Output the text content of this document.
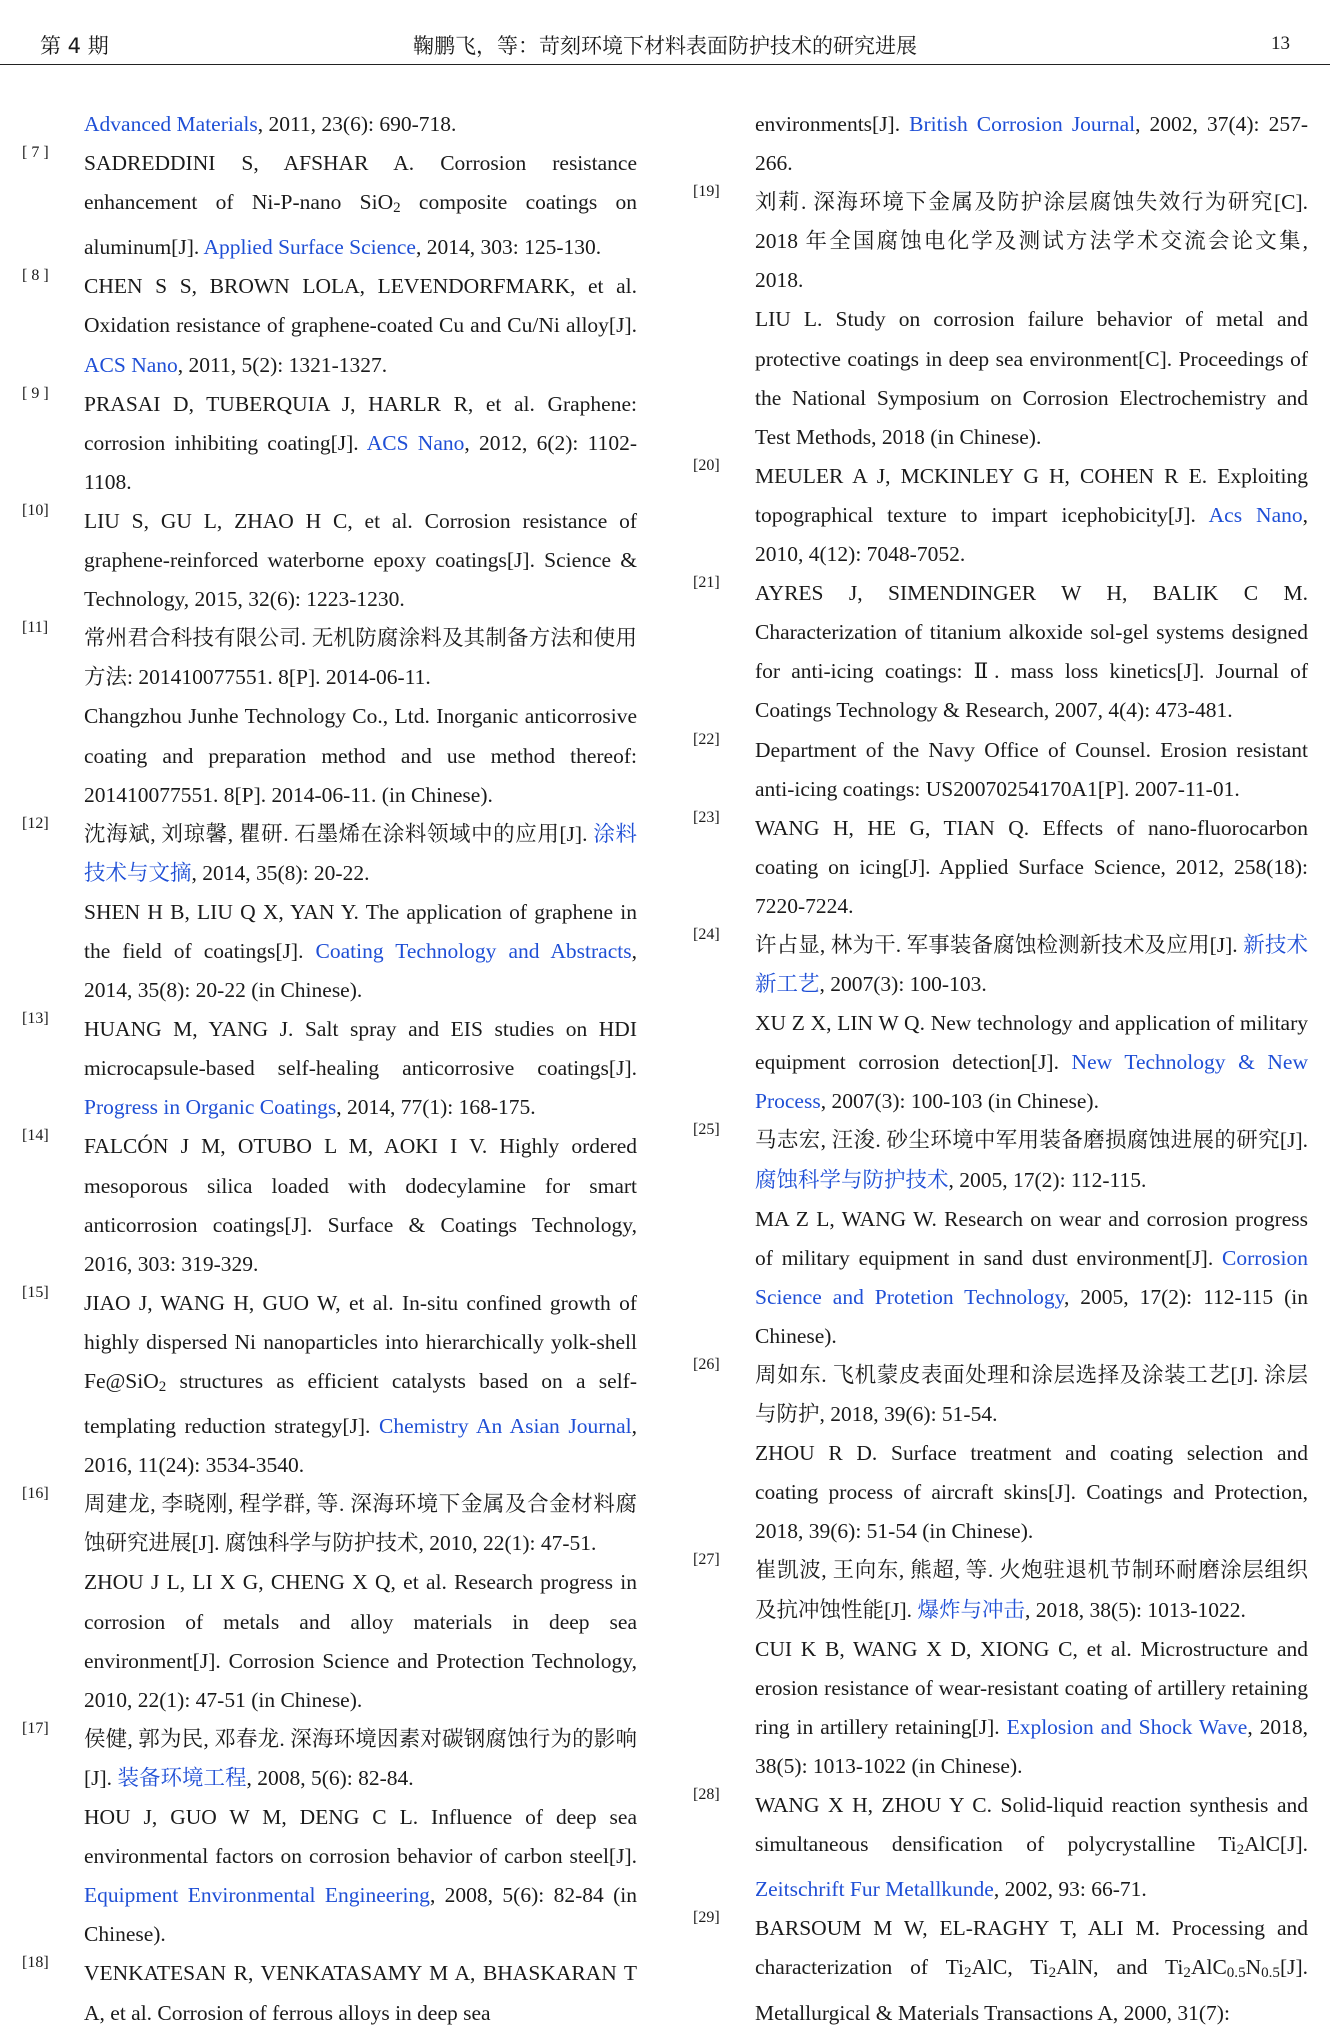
第 4 期	鞠鹏飞，等：苛刻环境下材料表面防护技术的研究进展	13

Advanced Materials, 2011, 23(6): 690-718.

[ 7 ]	SADREDDINI S, AFSHAR A. Corrosion resistance enhancement of Ni-P-nano SiO2 composite coatings on aluminum[J]. Applied Surface Science, 2014, 303: 125-130.

[ 8 ]	CHEN S S, BROWN LOLA, LEVENDORFMARK, et al. Oxidation resistance of graphene-coated Cu and Cu/Ni alloy[J]. ACS Nano, 2011, 5(2): 1321-1327.

[ 9 ]	PRASAI D, TUBERQUIA J, HARLR R, et al. Graphene: corrosion inhibiting coating[J]. ACS Nano, 2012, 6(2): 1102-1108.

[10]	LIU S, GU L, ZHAO H C, et al. Corrosion resistance of graphene-reinforced waterborne epoxy coatings[J]. Science & Technology, 2015, 32(6): 1223-1230.

[11]	常州君合科技有限公司. 无机防腐涂料及其制备方法和使用方法: 201410077551. 8[P]. 2014-06-11.

Changzhou Junhe Technology Co., Ltd. Inorganic anticorrosive coating and preparation method and use method thereof: 201410077551. 8[P]. 2014-06-11. (in Chinese).

[12]	沈海斌, 刘琼馨, 瞿研. 石墨烯在涂料领域中的应用[J]. 涂料技术与文摘, 2014, 35(8): 20-22.

SHEN H B, LIU Q X, YAN Y. The application of graphene in the field of coatings[J]. Coating Technology and Abstracts, 2014, 35(8): 20-22 (in Chinese).

[13]	HUANG M, YANG J. Salt spray and EIS studies on HDI microcapsule-based self-healing anticorrosive coatings[J]. Progress in Organic Coatings, 2014, 77(1): 168-175.

[14]	FALCÓN J M, OTUBO L M, AOKI I V. Highly ordered mesoporous silica loaded with dodecylamine for smart anticorrosion coatings[J]. Surface & Coatings Technology, 2016, 303: 319-329.

[15]	JIAO J, WANG H, GUO W, et al. In-situ confined growth of highly dispersed Ni nanoparticles into hierarchically yolk-shell Fe@SiO2 structures as efficient catalysts based on a self-templating reduction strategy[J]. Chemistry An Asian Journal, 2016, 11(24): 3534-3540.

[16]	周建龙, 李晓刚, 程学群, 等. 深海环境下金属及合金材料腐蚀研究进展[J]. 腐蚀科学与防护技术, 2010, 22(1): 47-51.

ZHOU J L, LI X G, CHENG X Q, et al. Research progress in corrosion of metals and alloy materials in deep sea environment[J]. Corrosion Science and Protection Technology, 2010, 22(1): 47-51 (in Chinese).

[17]	侯健, 郭为民, 邓春龙. 深海环境因素对碳钢腐蚀行为的影响[J]. 装备环境工程, 2008, 5(6): 82-84.

HOU J, GUO W M, DENG C L. Influence of deep sea environmental factors on corrosion behavior of carbon steel[J]. Equipment Environmental Engineering, 2008, 5(6): 82-84 (in Chinese).

[18]	VENKATESAN R, VENKATASAMY M A, BHASKARAN T A, et al. Corrosion of ferrous alloys in deep sea

environments[J]. British Corrosion Journal, 2002, 37(4): 257-266.

[19]	刘莉. 深海环境下金属及防护涂层腐蚀失效行为研究[C]. 2018 年全国腐蚀电化学及测试方法学术交流会论文集, 2018.

LIU L. Study on corrosion failure behavior of metal and protective coatings in deep sea environment[C]. Proceedings of the National Symposium on Corrosion Electrochemistry and Test Methods, 2018 (in Chinese).

[20]	MEULER A J, MCKINLEY G H, COHEN R E. Exploiting topographical texture to impart icephobicity[J]. Acs Nano, 2010, 4(12): 7048-7052.

[21]	AYRES J, SIMENDINGER W H, BALIK C M. Characterization of titanium alkoxide sol-gel systems designed for anti-icing coatings: Ⅱ. mass loss kinetics[J]. Journal of Coatings Technology & Research, 2007, 4(4): 473-481.

[22]	Department of the Navy Office of Counsel. Erosion resistant anti-icing coatings: US20070254170A1[P]. 2007-11-01.

[23]	WANG H, HE G, TIAN Q. Effects of nano-fluorocarbon coating on icing[J]. Applied Surface Science, 2012, 258(18): 7220-7224.

[24]	许占显, 林为干. 军事装备腐蚀检测新技术及应用[J]. 新技术新工艺, 2007(3): 100-103.

XU Z X, LIN W Q. New technology and application of military equipment corrosion detection[J]. New Technology & New Process, 2007(3): 100-103 (in Chinese).

[25]	马志宏, 汪浚. 砂尘环境中军用装备磨损腐蚀进展的研究[J]. 腐蚀科学与防护技术, 2005, 17(2): 112-115.

MA Z L, WANG W. Research on wear and corrosion progress of military equipment in sand dust environment[J]. Corrosion Science and Protetion Technology, 2005, 17(2): 112-115 (in Chinese).

[26]	周如东. 飞机蒙皮表面处理和涂层选择及涂装工艺[J]. 涂层与防护, 2018, 39(6): 51-54.

ZHOU R D. Surface treatment and coating selection and coating process of aircraft skins[J]. Coatings and Protection, 2018, 39(6): 51-54 (in Chinese).

[27]	崔凯波, 王向东, 熊超, 等. 火炮驻退机节制环耐磨涂层组织及抗冲蚀性能[J]. 爆炸与冲击, 2018, 38(5): 1013-1022.

CUI K B, WANG X D, XIONG C, et al. Microstructure and erosion resistance of wear-resistant coating of artillery retaining ring in artillery retaining[J]. Explosion and Shock Wave, 2018, 38(5): 1013-1022 (in Chinese).

[28]	WANG X H, ZHOU Y C. Solid-liquid reaction synthesis and simultaneous densification of polycrystalline Ti2AlC[J]. Zeitschrift Fur Metallkunde, 2002, 93: 66-71.

[29]	BARSOUM M W, EL-RAGHY T, ALI M. Processing and characterization of Ti2AlC, Ti2AlN, and Ti2AlC0.5N0.5[J]. Metallurgical & Materials Transactions A, 2000, 31(7):
